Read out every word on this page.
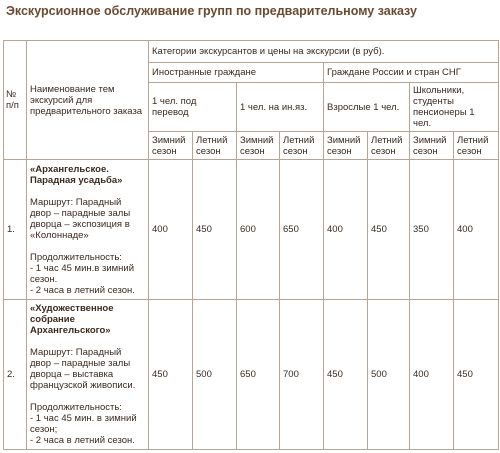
Экскурсионное обслуживание групп по предварительному заказу
№ п/п	Наименование тем экскурсий для предварительного заказа	Категории экскурсантов и цены на экскурсии (в руб).							
		Иностранные граждане				Граждане России и стран СНГ			
		1 чел. под перевод		1 чел. на ин.яз.		Взрослые 1 чел.		Школьники, студенты пенсионеры 1 чел.	
		Зимний сезон	Летний сезон	Зимний сезон	Летний сезон	Зимний сезон	Летний сезон	Зимний сезон	Летний сезон
1.	«Архангельское. Парадная усадьба»
Маршрут: Парадный двор – парадные залы дворца – экспозиция в «Колоннаде»
Продолжительность:
- 1 час 45 мин.в зимний сезон.
- 2 часа в летний сезон.	400	450	600	650	400	450	350	400
2.	«Художественное собрание Архангельского»
Маршрут: Парадный двор – парадные залы дворца – выставка французской живописи.
Продолжительность:
- 1 час 45 мин. в зимний сезон;
- 2 часа в летний сезон.	450	500	650	700	450	500	400	450
